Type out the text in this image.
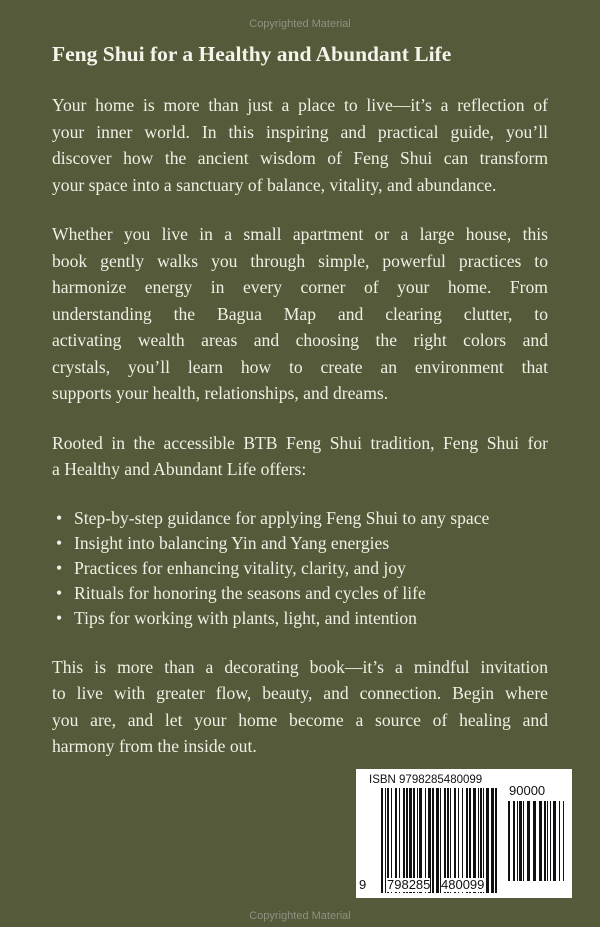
Copyrighted Material
Feng Shui for a Healthy and Abundant Life
Your home is more than just a place to live—it’s a reflection of
your inner world. In this inspiring and practical guide, you’ll
discover how the ancient wisdom of Feng Shui can transform
your space into a sanctuary of balance, vitality, and abundance.
Whether you live in a small apartment or a large house, this
book gently walks you through simple, powerful practices to
harmonize energy in every corner of your home. From
understanding the Bagua Map and clearing clutter, to
activating wealth areas and choosing the right colors and
crystals, you’ll learn how to create an environment that
supports your health, relationships, and dreams.
Rooted in the accessible BTB Feng Shui tradition, Feng Shui for
a Healthy and Abundant Life offers:
• Step-by-step guidance for applying Feng Shui to any space
• Insight into balancing Yin and Yang energies
• Practices for enhancing vitality, clarity, and joy
• Rituals for honoring the seasons and cycles of life
• Tips for working with plants, light, and intention
This is more than a decorating book—it’s a mindful invitation
to live with greater flow, beauty, and connection. Begin where
you are, and let your home become a source of healing and
harmony from the inside out.
ISBN 9798285480099
90000
9 798285 480099
Copyrighted Material
